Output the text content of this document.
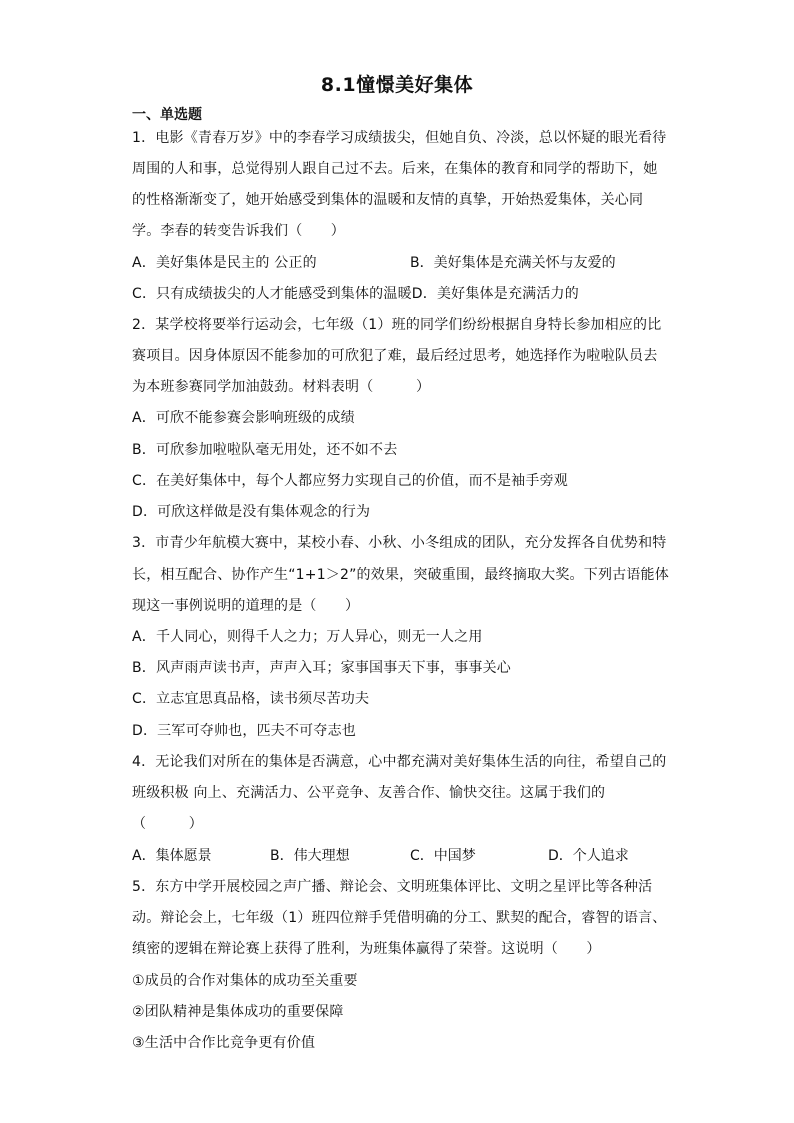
8.1憧憬美好集体
一、单选题
1．电影《青春万岁》中的李春学习成绩拔尖，但她自负、冷淡，总以怀疑的眼光看待
周围的人和事，总觉得别人跟自己过不去。后来，在集体的教育和同学的帮助下，她
的性格渐渐变了，她开始感受到集体的温暖和友情的真挚，开始热爱集体，关心同
学。李春的转变告诉我们（　　）
A．美好集体是民主的 公正的	B．美好集体是充满关怀与友爱的
C．只有成绩拔尖的人才能感受到集体的温暖D．美好集体是充满活力的
2．某学校将要举行运动会，七年级（1）班的同学们纷纷根据自身特长参加相应的比
赛项目。因身体原因不能参加的可欣犯了难，最后经过思考，她选择作为啦啦队员去
为本班参赛同学加油鼓劲。材料表明（　　　）
A．可欣不能参赛会影响班级的成绩
B．可欣参加啦啦队毫无用处，还不如不去
C．在美好集体中，每个人都应努力实现自己的价值，而不是袖手旁观
D．可欣这样做是没有集体观念的行为
3．市青少年航模大赛中，某校小春、小秋、小冬组成的团队，充分发挥各自优势和特
长，相互配合、协作产生“1+1＞2”的效果，突破重围，最终摘取大奖。下列古语能体
现这一事例说明的道理的是（　　）
A．千人同心，则得千人之力；万人异心，则无一人之用
B．风声雨声读书声，声声入耳；家事国事天下事，事事关心
C．立志宜思真品格，读书须尽苦功夫
D．三军可夺帅也，匹夫不可夺志也
4．无论我们对所在的集体是否满意，心中都充满对美好集体生活的向往，希望自己的
班级积极 向上、充满活力、公平竞争、友善合作、愉快交往。这属于我们的
（　　　）
A．集体愿景	B．伟大理想	C．中国梦	D．个人追求
5．东方中学开展校园之声广播、辩论会、文明班集体评比、文明之星评比等各种活
动。辩论会上，七年级（1）班四位辩手凭借明确的分工、默契的配合，睿智的语言、
缜密的逻辑在辩论赛上获得了胜利，为班集体赢得了荣誉。这说明（　　）
①成员的合作对集体的成功至关重要
②团队精神是集体成功的重要保障
③生活中合作比竞争更有价值
